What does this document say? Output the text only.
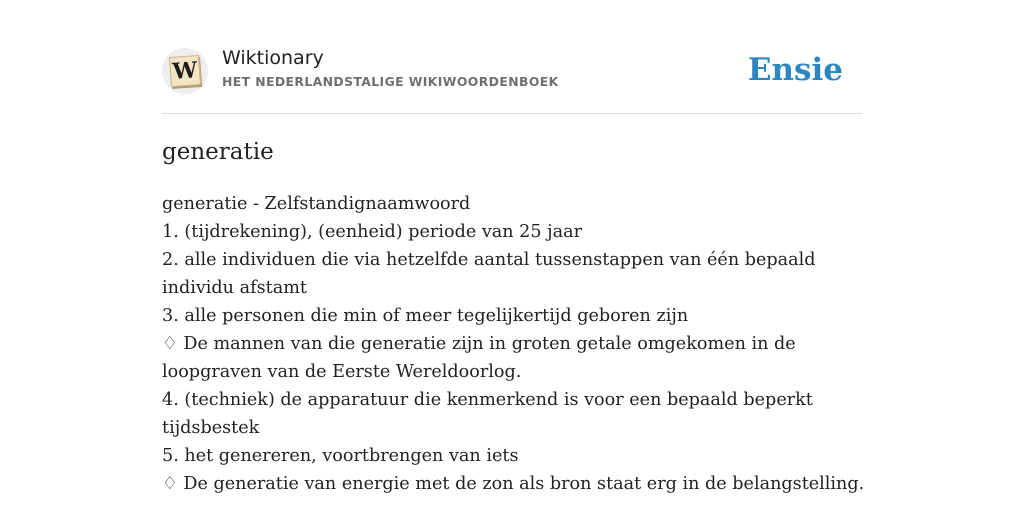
W Wiktionary
HET NEDERLANDSTALIGE WIKIWOORDENBOEK	Ensie
generatie
generatie - Zelfstandignaamwoord
1. (tijdrekening), (eenheid) periode van 25 jaar
2. alle individuen die via hetzelfde aantal tussenstappen van één bepaald
individu afstamt
3. alle personen die min of meer tegelijkertijd geboren zijn
♢ De mannen van die generatie zijn in groten getale omgekomen in de
loopgraven van de Eerste Wereldoorlog.
4. (techniek) de apparatuur die kenmerkend is voor een bepaald beperkt
tijdsbestek
5. het genereren, voortbrengen van iets
♢ De generatie van energie met de zon als bron staat erg in de belangstelling.
